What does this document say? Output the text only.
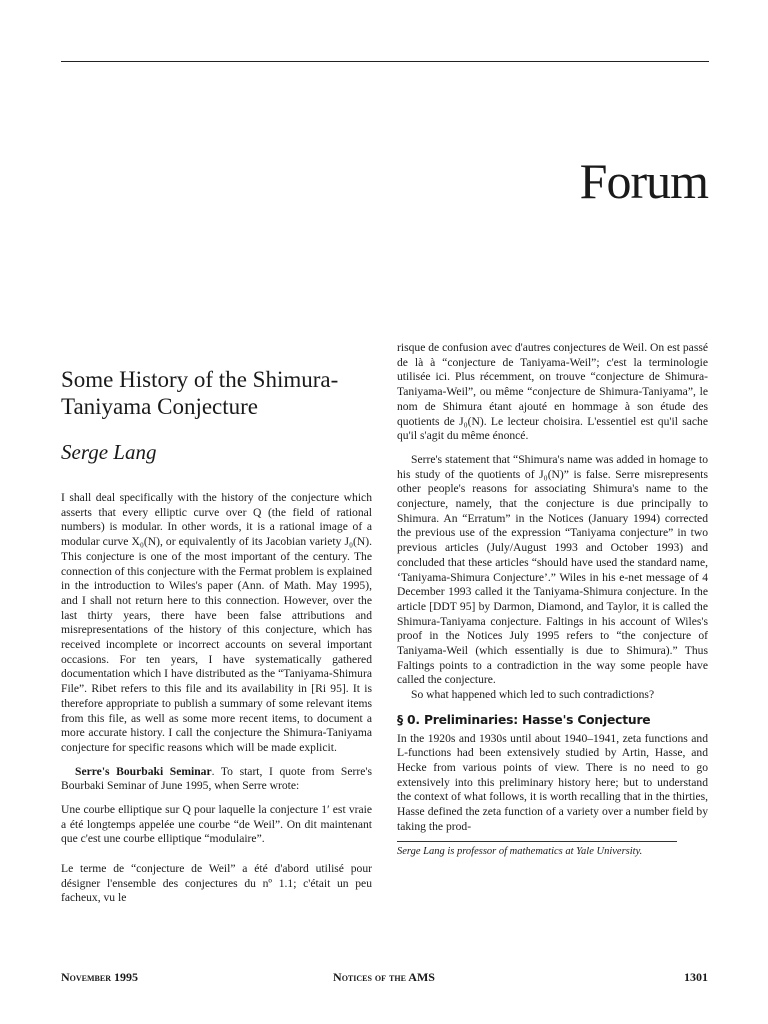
Forum
Some History of the Shimura-Taniyama Conjecture
Serge Lang

I shall deal specifically with the history of the conjecture which asserts that every elliptic curve over Q (the field of rational numbers) is modular. In other words, it is a rational image of a modular curve X₀(N), or equivalently of its Jacobian variety J₀(N). This conjecture is one of the most important of the century. The connection of this conjecture with the Fermat problem is explained in the introduction to Wiles's paper (Ann. of Math. May 1995), and I shall not return here to this connection. However, over the last thirty years, there have been false attributions and misrepresentations of the history of this conjecture, which has received incomplete or incorrect accounts on several important occasions. For ten years, I have systematically gathered documentation which I have distributed as the “Taniyama-Shimura File”. Ribet refers to this file and its availability in [Ri 95]. It is therefore appropriate to publish a summary of some relevant items from this file, as well as some more recent items, to document a more accurate history. I call the conjecture the Shimura-Taniyama conjecture for specific reasons which will be made explicit.

Serre's Bourbaki Seminar. To start, I quote from Serre's Bourbaki Seminar of June 1995, when Serre wrote:

Une courbe elliptique sur Q pour laquelle la conjecture 1′ est vraie a été longtemps appelée une courbe “de Weil”. On dit maintenant que c'est une courbe elliptique “modulaire”.

Le terme de “conjecture de Weil” a été d'abord utilisé pour désigner l'ensemble des conjectures du nº 1.1; c'était un peu facheux, vu le

risque de confusion avec d'autres conjectures de Weil. On est passé de là à “conjecture de Taniyama-Weil”; c'est la terminologie utilisée ici. Plus récemment, on trouve “conjecture de Shimura-Taniyama-Weil”, ou même “conjecture de Shimura-Taniyama”, le nom de Shimura étant ajouté en hommage à son étude des quotients de J₀(N). Le lecteur choisira. L'essentiel est qu'il sache qu'il s'agit du même énoncé.

Serre's statement that “Shimura's name was added in homage to his study of the quotients of J₀(N)” is false. Serre misrepresents other people's reasons for associating Shimura's name to the conjecture, namely, that the conjecture is due principally to Shimura. An “Erratum” in the Notices (January 1994) corrected the previous use of the expression “Taniyama conjecture” in two previous articles (July/August 1993 and October 1993) and concluded that these articles “should have used the standard name, ‘Taniyama-Shimura Conjecture’.” Wiles in his e-net message of 4 December 1993 called it the Taniyama-Shimura conjecture. In the article [DDT 95] by Darmon, Diamond, and Taylor, it is called the Shimura-Taniyama conjecture. Faltings in his account of Wiles's proof in the Notices July 1995 refers to “the conjecture of Taniyama-Weil (which essentially is due to Shimura).” Thus Faltings points to a contradiction in the way some people have called the conjecture.

So what happened which led to such contradictions?

§ 0. Preliminaries: Hasse's Conjecture

In the 1920s and 1930s until about 1940–1941, zeta functions and L-functions had been extensively studied by Artin, Hasse, and Hecke from various points of view. There is no need to go extensively into this preliminary history here; but to understand the context of what follows, it is worth recalling that in the thirties, Hasse defined the zeta function of a variety over a number field by taking the prod-

Serge Lang is professor of mathematics at Yale University.

November 1995	Notices of the AMS	1301
